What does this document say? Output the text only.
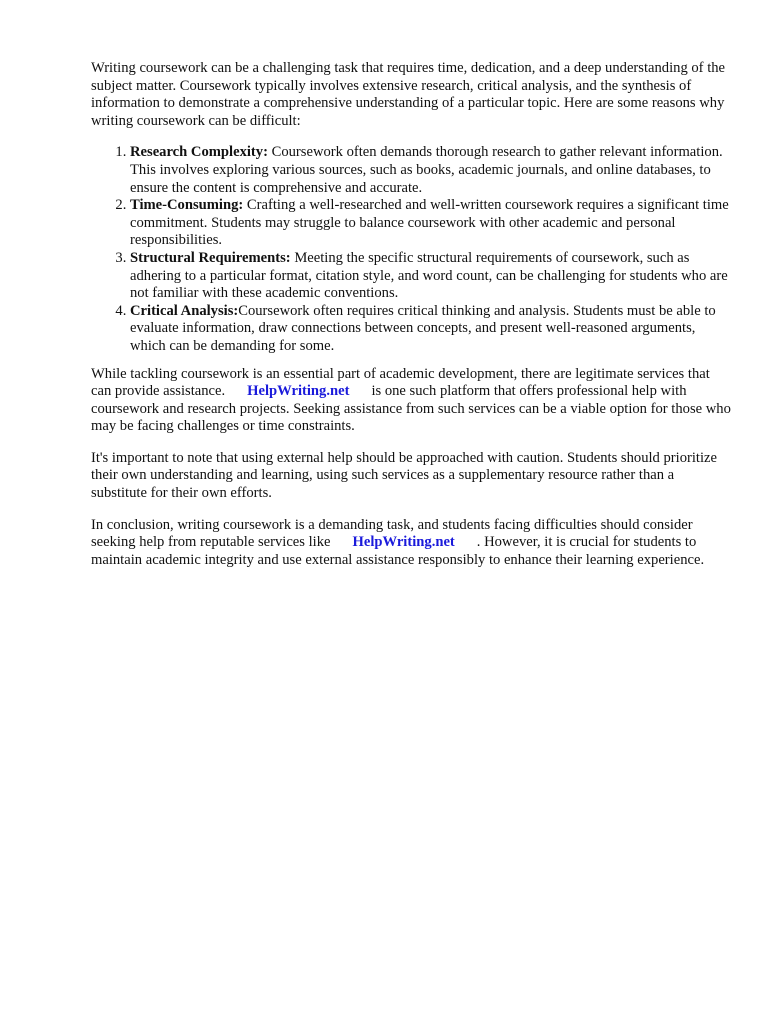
Writing coursework can be a challenging task that requires time, dedication, and a deep understanding of the subject matter. Coursework typically involves extensive research, critical analysis, and the synthesis of information to demonstrate a comprehensive understanding of a particular topic. Here are some reasons why writing coursework can be difficult:

1. Research Complexity: Coursework often demands thorough research to gather relevant information. This involves exploring various sources, such as books, academic journals, and online databases, to ensure the content is comprehensive and accurate.
2. Time-Consuming: Crafting a well-researched and well-written coursework requires a significant time commitment. Students may struggle to balance coursework with other academic and personal responsibilities.
3. Structural Requirements: Meeting the specific structural requirements of coursework, such as adhering to a particular format, citation style, and word count, can be challenging for students who are not familiar with these academic conventions.
4. Critical Analysis:Coursework often requires critical thinking and analysis. Students must be able to evaluate information, draw connections between concepts, and present well-reasoned arguments, which can be demanding for some.

While tackling coursework is an essential part of academic development, there are legitimate services that can provide assistance. HelpWriting.net is one such platform that offers professional help with coursework and research projects. Seeking assistance from such services can be a viable option for those who may be facing challenges or time constraints.

It's important to note that using external help should be approached with caution. Students should prioritize their own understanding and learning, using such services as a supplementary resource rather than a substitute for their own efforts.

In conclusion, writing coursework is a demanding task, and students facing difficulties should consider seeking help from reputable services like HelpWriting.net . However, it is crucial for students to maintain academic integrity and use external assistance responsibly to enhance their learning experience.
